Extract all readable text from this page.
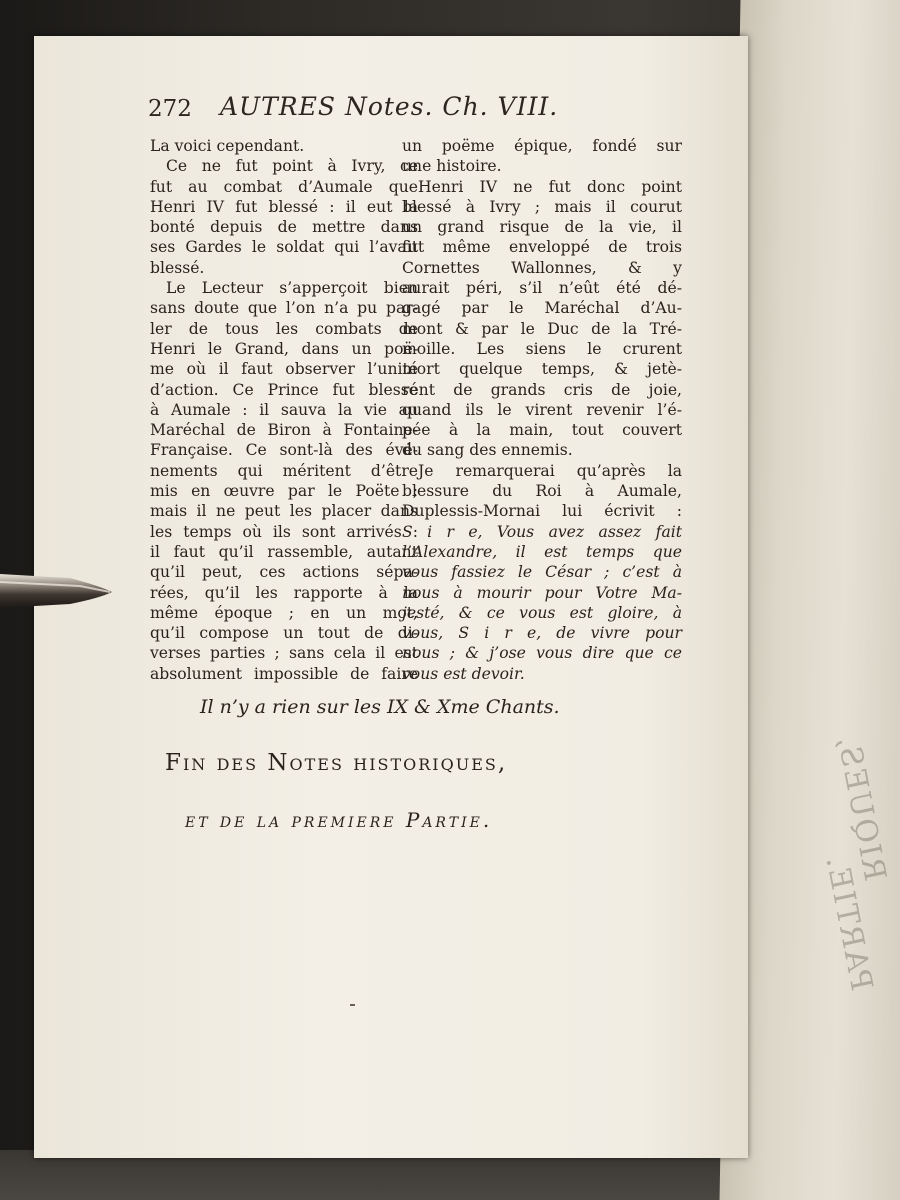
RIQUES,
PARTIE.
272 AUTRES Notes. Ch. VIII.
La voici cependant.
Ce ne fut point à Ivry, ce
fut au combat d’Aumale que
Henri IV fut blessé : il eut la
bonté depuis de mettre dans
ses Gardes le soldat qui l’avait
blessé.
Le Lecteur s’apperçoit bien
sans doute que l’on n’a pu par-
ler de tous les combats de
Henri le Grand, dans un poë-
me où il faut observer l’unité
d’action. Ce Prince fut blessé
à Aumale : il sauva la vie au
Maréchal de Biron à Fontaine-
Française. Ce sont-là des évé-
nements qui méritent d’être
mis en œuvre par le Poëte ;
mais il ne peut les placer dans
les temps où ils sont arrivés :
il faut qu’il rassemble, autant
qu’il peut, ces actions sépa-
rées, qu’il les rapporte à la
même époque ; en un mot,
qu’il compose un tout de di-
verses parties ; sans cela il est
absolument impossible de faire
un poëme épique, fondé sur
une histoire.
Henri IV ne fut donc point
blessé à Ivry ; mais il courut
un grand risque de la vie, il
fut même enveloppé de trois
Cornettes Wallonnes, & y
aurait péri, s’il n’eût été dé-
gagé par le Maréchal d’Au-
mont & par le Duc de la Tré-
moille. Les siens le crurent
mort quelque temps, & jetè-
rent de grands cris de joie,
quand ils le virent revenir l’é-
pée à la main, tout couvert
du sang des ennemis.
Je remarquerai qu’après la
blessure du Roi à Aumale,
Duplessis-Mornai lui écrivit :
S i r e, Vous avez assez fait
l’Alexandre, il est temps que
vous fassiez le César ; c’est à
nous à mourir pour Votre Ma-
jesté, & ce vous est gloire, à
vous, S i r e, de vivre pour
nous ; & j’ose vous dire que ce
vous est devoir.
Il n’y a rien sur les IX & Xme Chants.
Fin des Notes historiques,
et de la premiere Partie.
